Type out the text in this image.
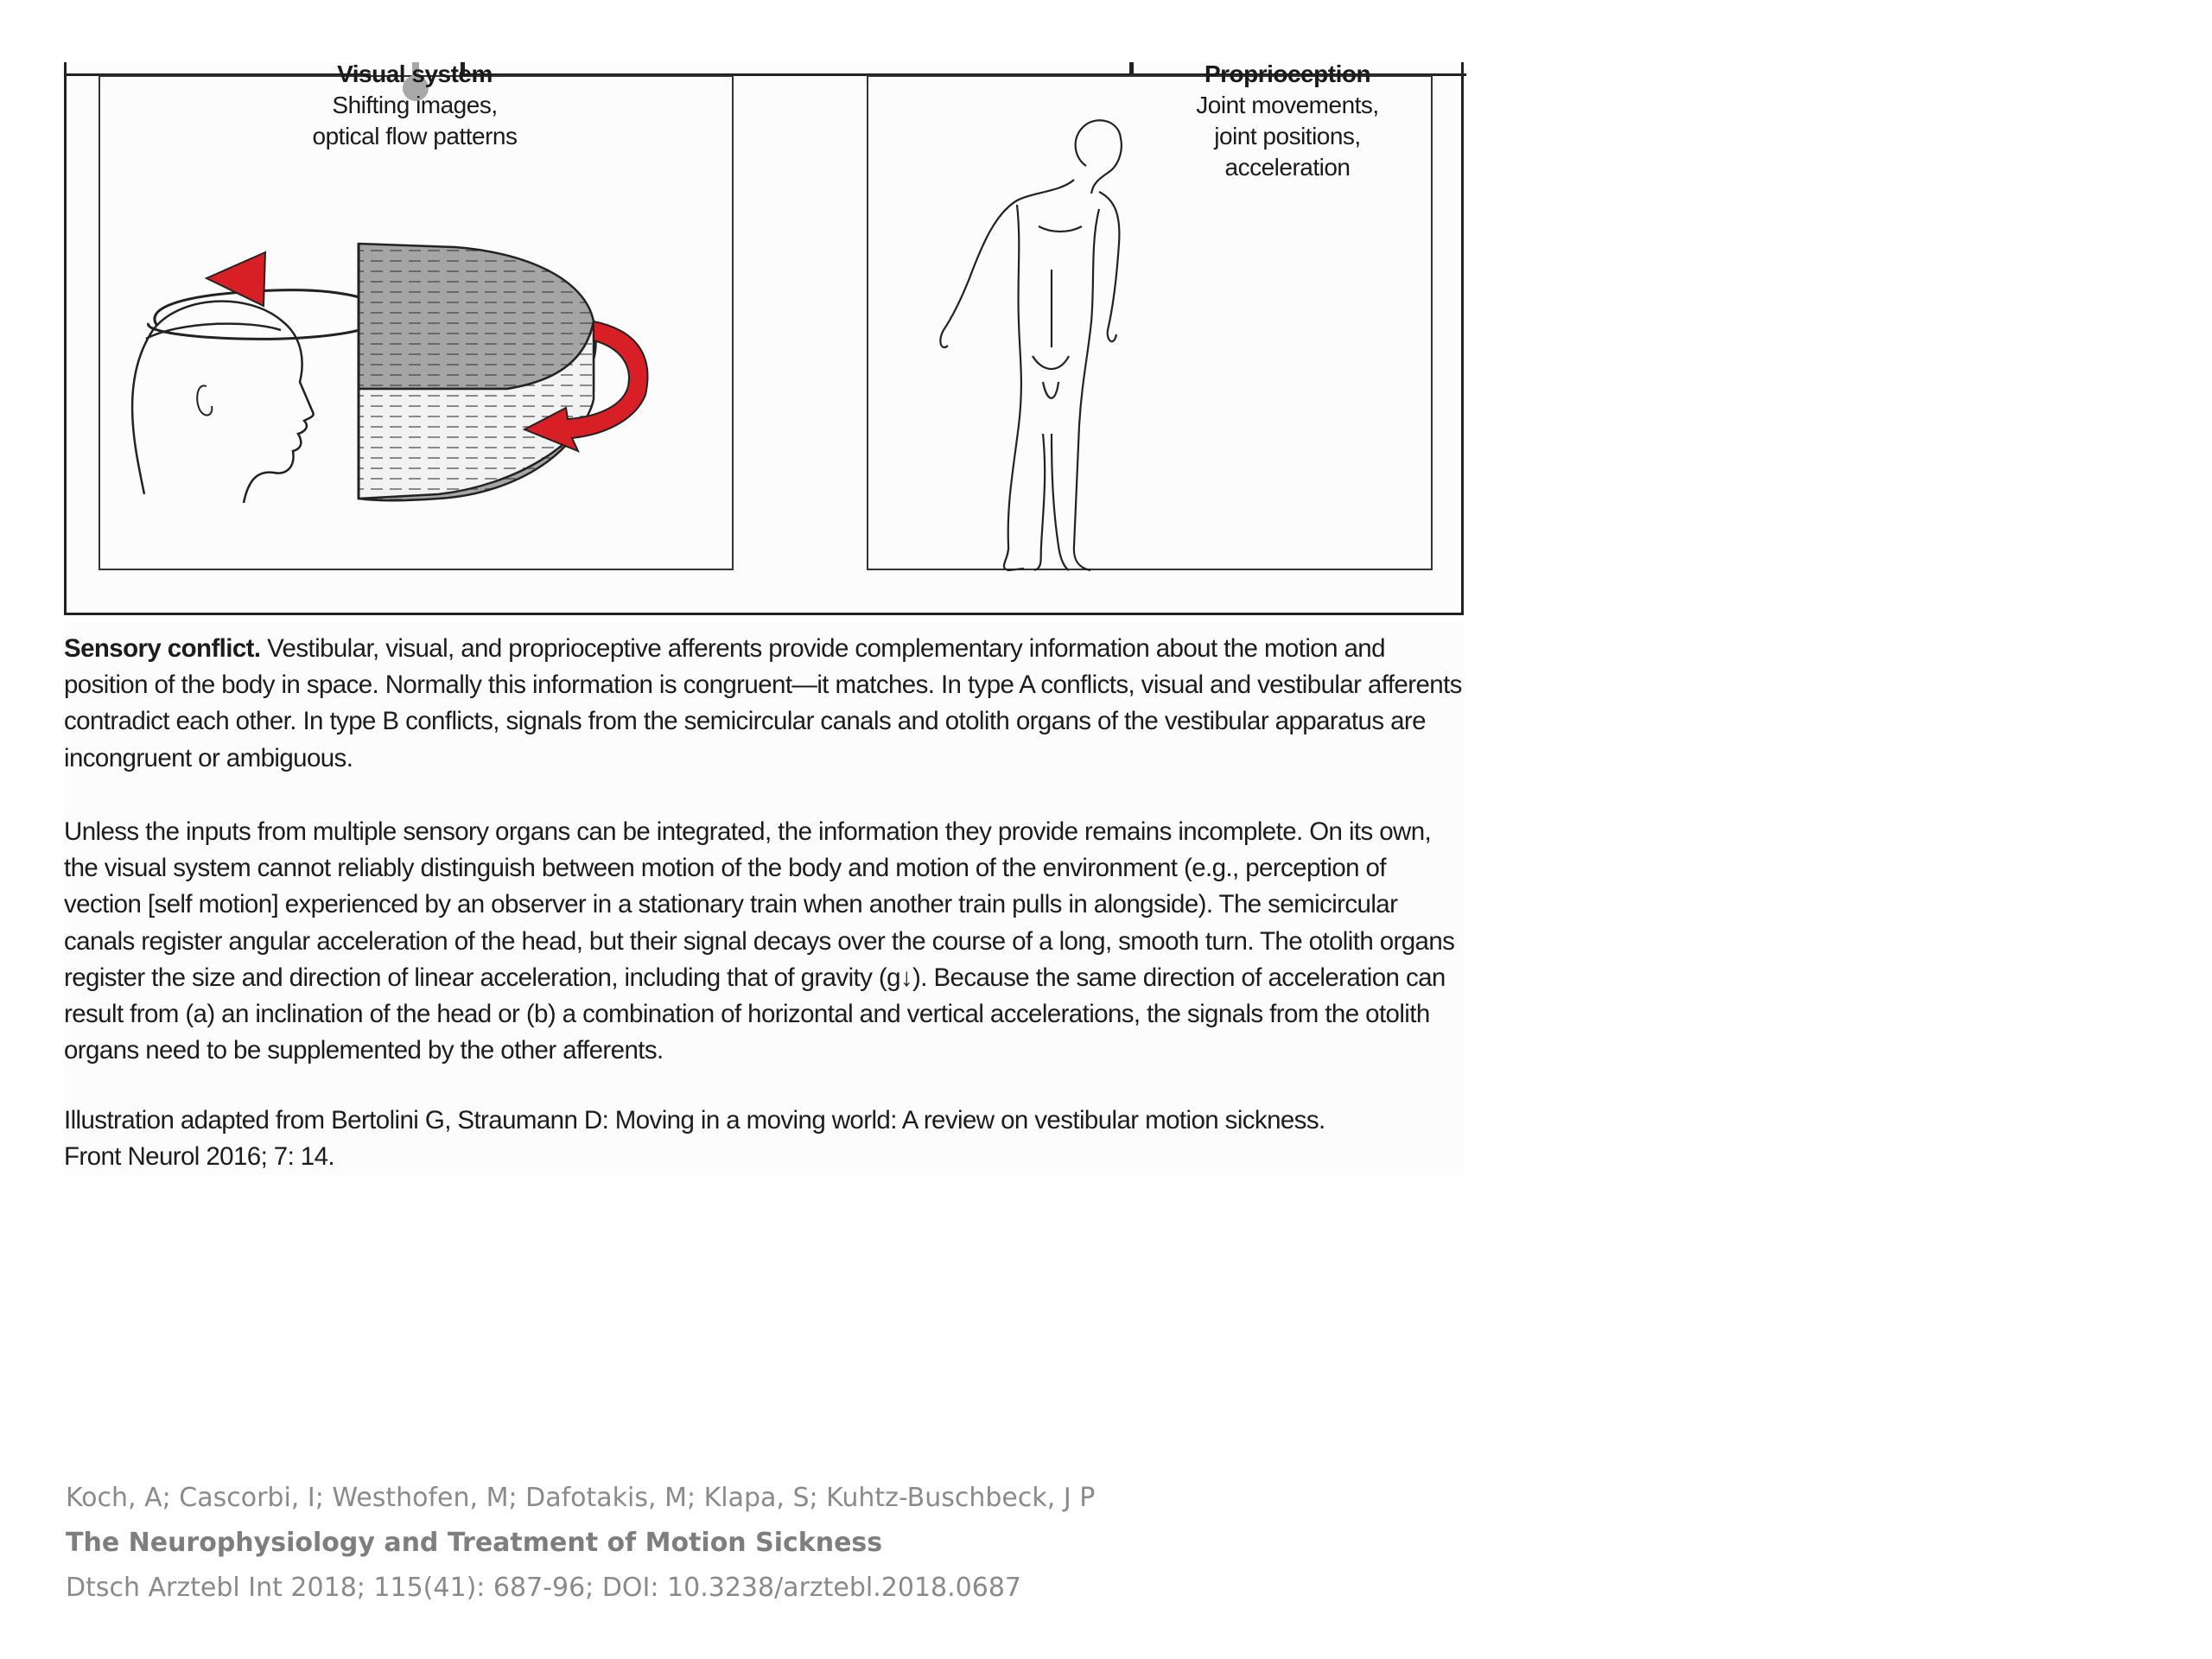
Visual system
Shifting images,
optical flow patterns
Proprioception
Joint movements,
joint positions,
acceleration
Sensory conflict. Vestibular, visual, and proprioceptive afferents provide complementary information about the motion and position of the body in space. Normally this information is congruent—it matches. In type A conflicts, visual and vestibular afferents contradict each other. In type B conflicts, signals from the semicircular canals and otolith organs of the vestibular apparatus are incongruent or ambiguous.
Unless the inputs from multiple sensory organs can be integrated, the information they provide remains incomplete. On its own, the visual system cannot reliably distinguish between motion of the body and motion of the environment (e.g., perception of vection [self motion] experienced by an observer in a stationary train when another train pulls in alongside). The semicircular canals register angular acceleration of the head, but their signal decays over the course of a long, smooth turn. The otolith organs register the size and direction of linear acceleration, including that of gravity (g↓). Because the same direction of acceleration can result from (a) an inclination of the head or (b) a combination of horizontal and vertical accelerations, the signals from the otolith organs need to be supplemented by the other afferents.
Illustration adapted from Bertolini G, Straumann D: Moving in a moving world: A review on vestibular motion sickness.
Front Neurol 2016; 7: 14.
Koch, A; Cascorbi, I; Westhofen, M; Dafotakis, M; Klapa, S; Kuhtz-Buschbeck, J P
The Neurophysiology and Treatment of Motion Sickness
Dtsch Arztebl Int 2018; 115(41): 687-96; DOI: 10.3238/arztebl.2018.0687
